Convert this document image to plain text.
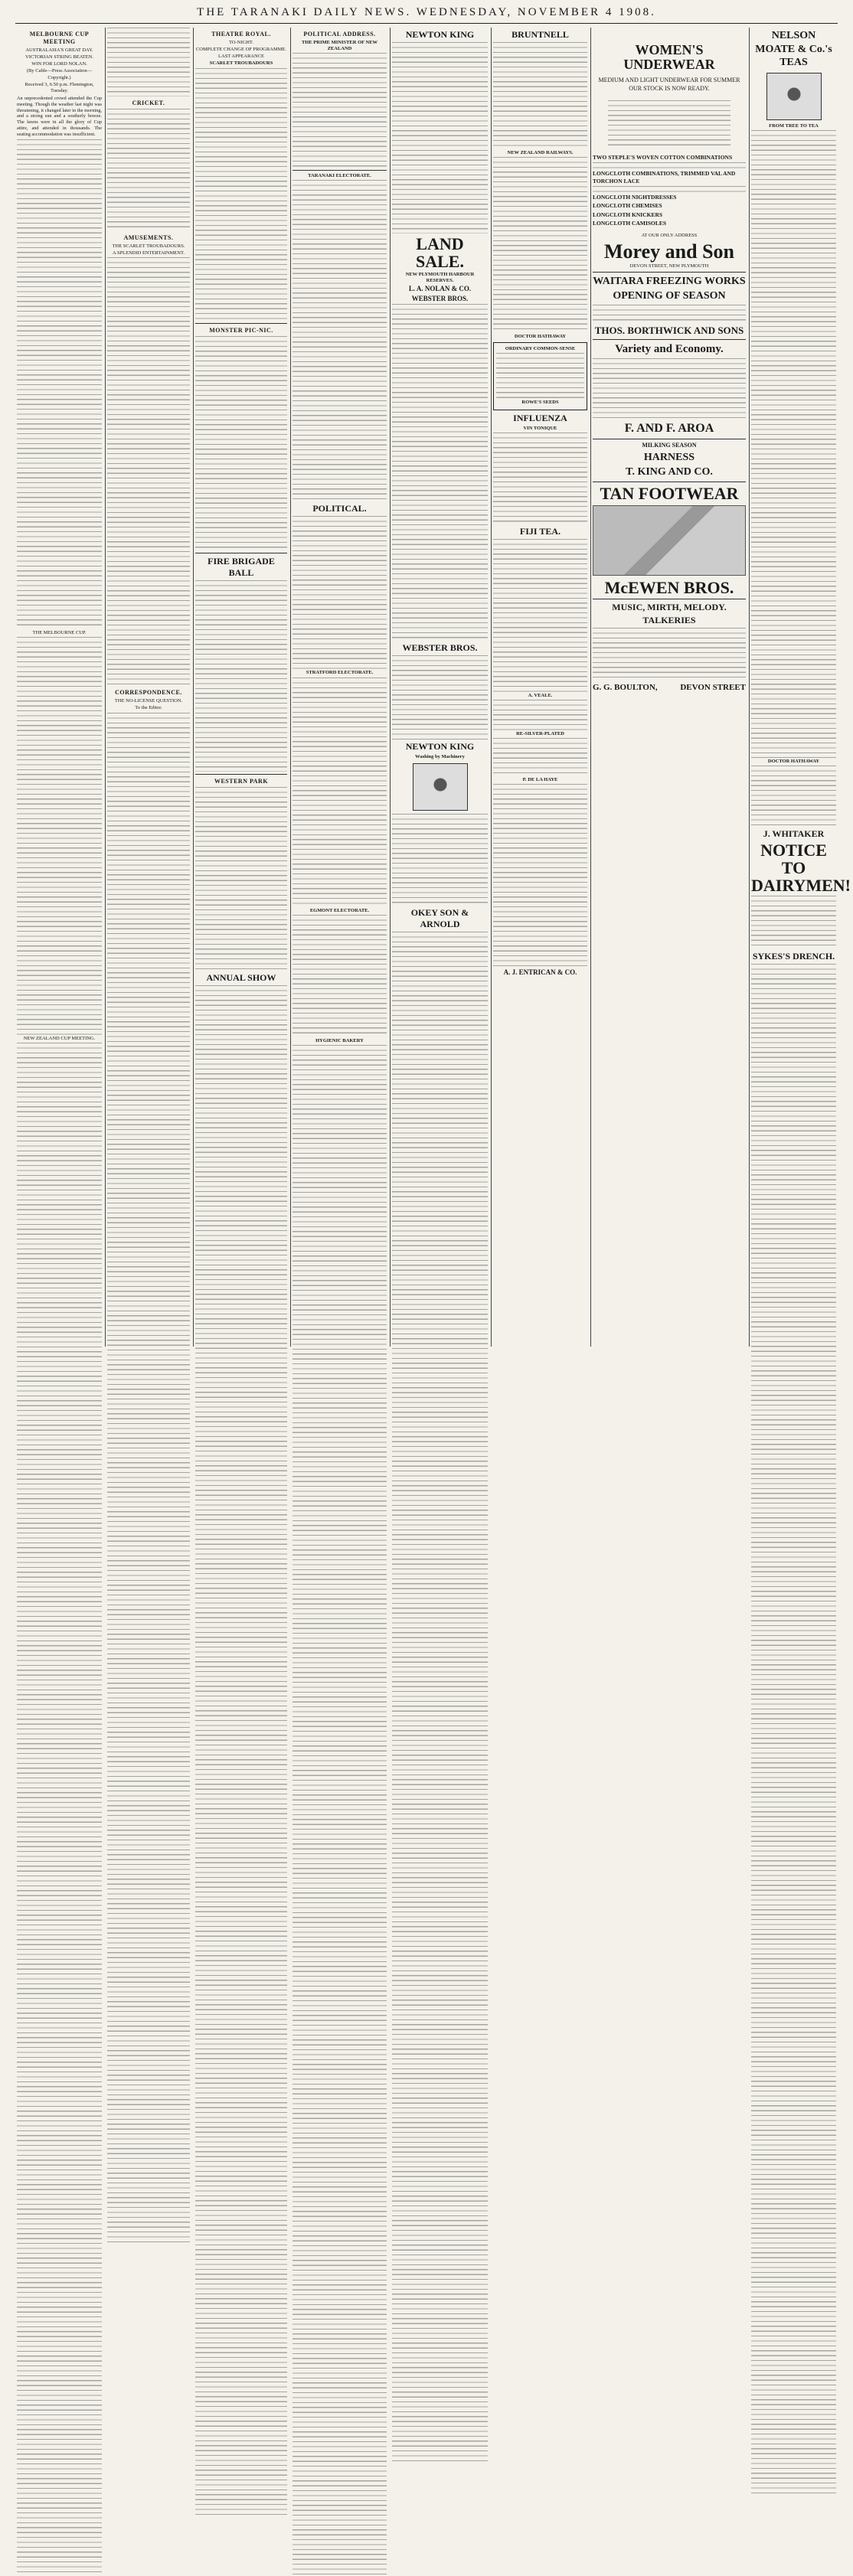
THE TARANAKI DAILY NEWS. WEDNESDAY, NOVEMBER 4 1908.
MELBOURNE CUP MEETING
AUSTRALASIA'S GREAT DAY.
VICTORIAN STRING BEATEN.
WIN FOR LORD NOLAN.
(By Cable—Press Association—Copyright.)
Received 3, 6.50 p.m. Flemington, Tuesday.
An unprecedented crowd attended the Cup meeting. Though the weather last night was threatening, it changed later in the morning, and a strong sun and a southerly breeze. The lawns were in all the glory of Cup attire, and attended in thousands. The seating accommodation was insufficient.
THE MELBOURNE CUP.
NEW ZEALAND CUP MEETING.
CRICKET.
AMUSEMENTS.
THE SCARLET TROUBADOURS.
A SPLENDID ENTERTAINMENT.
CORRESPONDENCE.
THE NO-LICENSE QUESTION.
To the Editor.
THEATRE ROYAL.
TO-NIGHT.
COMPLETE CHANGE OF PROGRAMME.
LAST APPEARANCE
SCARLET TROUBADOURS
MONSTER PIC-NIC.
FIRE BRIGADE BALL
WESTERN PARK
ANNUAL SHOW
POLITICAL ADDRESS.
THE PRIME MINISTER OF NEW ZEALAND
TARANAKI ELECTORATE.
POLITICAL.
STRATFORD ELECTORATE.
EGMONT ELECTORATE.
HYGIENIC BAKERY
NEWTON KING
LAND SALE.
NEW PLYMOUTH HARBOUR RESERVES.
L. A. NOLAN & CO.
WEBSTER BROS.
WEBSTER BROS.
NEWTON KING
Washing by Machinery
OKEY SON & ARNOLD
BRUNTNELL
NEW ZEALAND RAILWAYS.
DOCTOR HATHAWAY
ORDINARY COMMON-SENSE
ROWE'S SEEDS
INFLUENZA
VIN TONIQUE
FIJI TEA.
A. VEALE.
RE-SILVER-PLATED
P. DE LA HAYE
A. J. ENTRICAN & CO.
WOMEN'S UNDERWEAR
MEDIUM AND LIGHT UNDERWEAR FOR SUMMER
OUR STOCK IS NOW READY.
TWO STEPLE'S WOVEN COTTON COMBINATIONS
LONGCLOTH COMBINATIONS, TRIMMED VAL AND TORCHON LACE
LONGCLOTH NIGHTDRESSES
LONGCLOTH CHEMISES
LONGCLOTH KNICKERS
LONGCLOTH CAMISOLES
AT OUR ONLY ADDRESS
Morey and Son
DEVON STREET, NEW PLYMOUTH
WAITARA FREEZING WORKS
OPENING OF SEASON
THOS. BORTHWICK AND SONS
Variety and Economy.
F. AND F. AROA
MILKING SEASON
HARNESS
T. KING AND CO.
TAN FOOTWEAR
McEWEN BROS.
MUSIC, MIRTH, MELODY.
TALKERIES
G. G. BOULTON,	DEVON STREET
NELSON MOATE & Co.'s TEAS
FROM TREE TO TEA
DOCTOR HATHAWAY
J. WHITAKER
NOTICE TO DAIRYMEN!
SYKES'S DRENCH.
